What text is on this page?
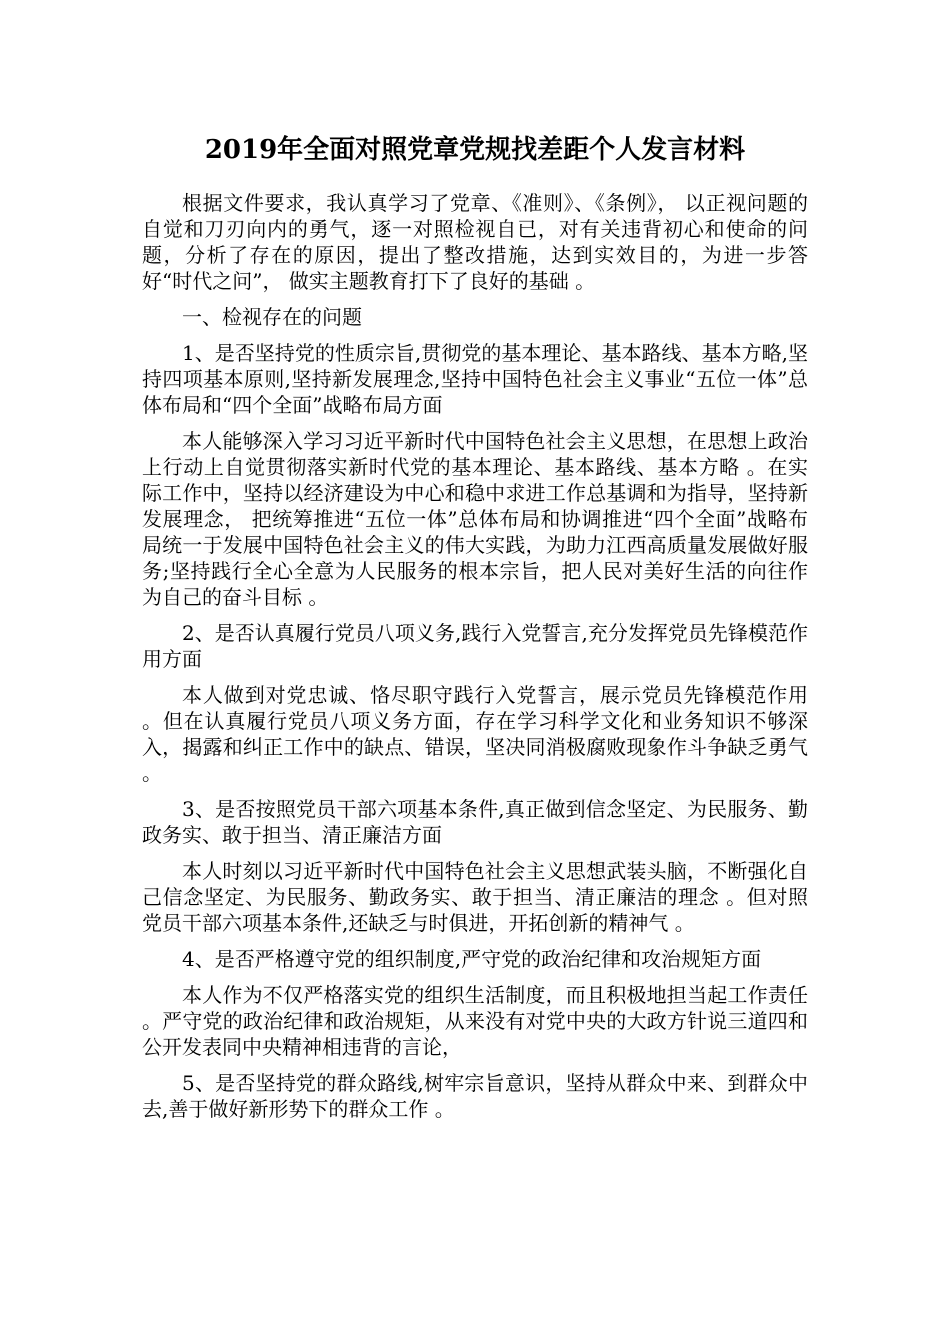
2019年全面对照党章党规找差距个人发言材料

根据文件要求，我认真学习了党章、《准则》、《条例》， 以正视问题的自觉和刀刃向内的勇气，逐一对照检视自已，对有关违背初心和使命的问题，分析了存在的原因，提出了整改措施，达到实效目的，为进一步答好“时代之问”， 做实主题教育打下了良好的基础 。

一、检视存在的问题

1、是否坚持党的性质宗旨,贯彻党的基本理论、基本路线、基本方略,坚持四项基本原则,坚持新发展理念,坚持中国特色社会主义事业“五位一体”总体布局和“四个全面”战略布局方面

本人能够深入学习习近平新时代中国特色社会主义思想，在思想上政治上行动上自觉贯彻落实新时代党的基本理论、基本路线、基本方略 。在实际工作中，坚持以经济建设为中心和稳中求进工作总基调和为指导，坚持新发展理念， 把统筹推进“五位一体”总体布局和协调推进“四个全面”战略布局统一于发展中国特色社会主义的伟大实践，为助力江西高质量发展做好服务;坚持践行全心全意为人民服务的根本宗旨，把人民对美好生活的向往作为自己的奋斗目标 。

2、是否认真履行党员八项义务,践行入党誓言,充分发挥党员先锋模范作用方面

本人做到对党忠诚、恪尽职守践行入党誓言，展示党员先锋模范作用 。但在认真履行党员八项义务方面，存在学习科学文化和业务知识不够深入，揭露和纠正工作中的缺点、错误，坚决同消极腐败现象作斗争缺乏勇气 。

3、是否按照党员干部六项基本条件,真正做到信念坚定、为民服务、勤政务实、敢于担当、清正廉洁方面

本人时刻以习近平新时代中国特色社会主义思想武装头脑，不断强化自己信念坚定、为民服务、勤政务实、敢于担当、清正廉洁的理念 。但对照党员干部六项基本条件,还缺乏与时俱进，开拓创新的精神气 。

4、是否严格遵守党的组织制度,严守党的政治纪律和攻治规矩方面

本人作为不仅严格落实党的组织生活制度，而且积极地担当起工作责任 。严守党的政治纪律和政治规矩，从来没有对党中央的大政方针说三道四和公开发表同中央精神相违背的言论，

5、是否坚持党的群众路线,树牢宗旨意识，坚持从群众中来、到群众中去,善于做好新形势下的群众工作 。
